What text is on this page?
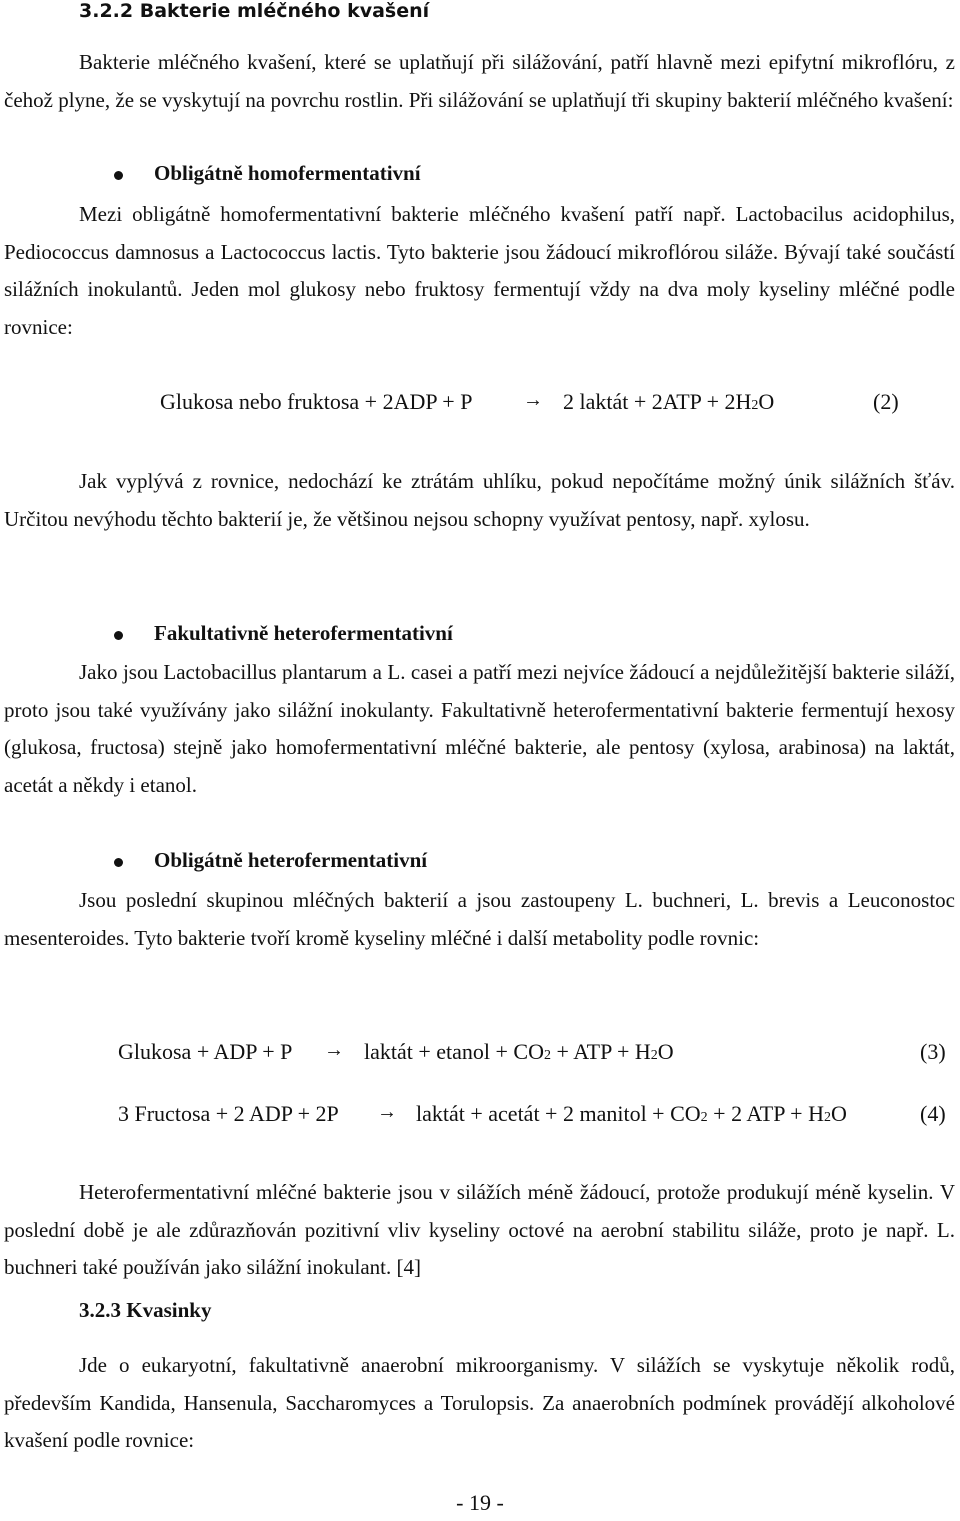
3.2.2 Bakterie mléčného kvašení

Bakterie mléčného kvašení, které se uplatňují při silážování, patří hlavně mezi epifytní mikroflóru, z čehož plyne, že se vyskytují na povrchu rostlin. Při silážování se uplatňují tři skupiny bakterií mléčného kvašení:

Obligátně homofermentativní

Mezi obligátně homofermentativní bakterie mléčného kvašení patří např. Lactobacilus acidophilus, Pediococcus damnosus a Lactococcus lactis. Tyto bakterie jsou žádoucí mikroflórou siláže. Bývají také součástí silážních inokulantů. Jeden mol glukosy nebo fruktosy fermentují vždy na dva moly kyseliny mléčné podle rovnice:

Glukosa nebo fruktosa + 2ADP + P	→ 2 laktát + 2ATP + 2H2O	(2)

Jak vyplývá z rovnice, nedochází ke ztrátám uhlíku, pokud nepočítáme možný únik silážních šťáv. Určitou nevýhodu těchto bakterií je, že většinou nejsou schopny využívat pentosy, např. xylosu.

Fakultativně heterofermentativní

Jako jsou Lactobacillus plantarum a L. casei a patří mezi nejvíce žádoucí a nejdůležitější bakterie siláží, proto jsou také využívány jako silážní inokulanty. Fakultativně heterofermentativní bakterie fermentují hexosy (glukosa, fructosa) stejně jako homofermentativní mléčné bakterie, ale pentosy (xylosa, arabinosa) na laktát, acetát a někdy i etanol.

Obligátně heterofermentativní

Jsou poslední skupinou mléčných bakterií a jsou zastoupeny L. buchneri, L. brevis a Leuconostoc mesenteroides. Tyto bakterie tvoří kromě kyseliny mléčné i další metabolity podle rovnic:

Glukosa + ADP + P → laktát + etanol + CO2 + ATP + H2O	(3)
3 Fructosa + 2 ADP + 2P → laktát + acetát + 2 manitol + CO2 + 2 ATP + H2O	(4)

Heterofermentativní mléčné bakterie jsou v silážích méně žádoucí, protože produkují méně kyselin. V poslední době je ale zdůrazňován pozitivní vliv kyseliny octové na aerobní stabilitu siláže, proto je např. L. buchneri také používán jako silážní inokulant. [4]

3.2.3 Kvasinky

Jde o eukaryotní, fakultativně anaerobní mikroorganismy. V silážích se vyskytuje několik rodů, především Kandida, Hansenula, Saccharomyces a Torulopsis. Za anaerobních podmínek provádějí alkoholové kvašení podle rovnice:

- 19 -
